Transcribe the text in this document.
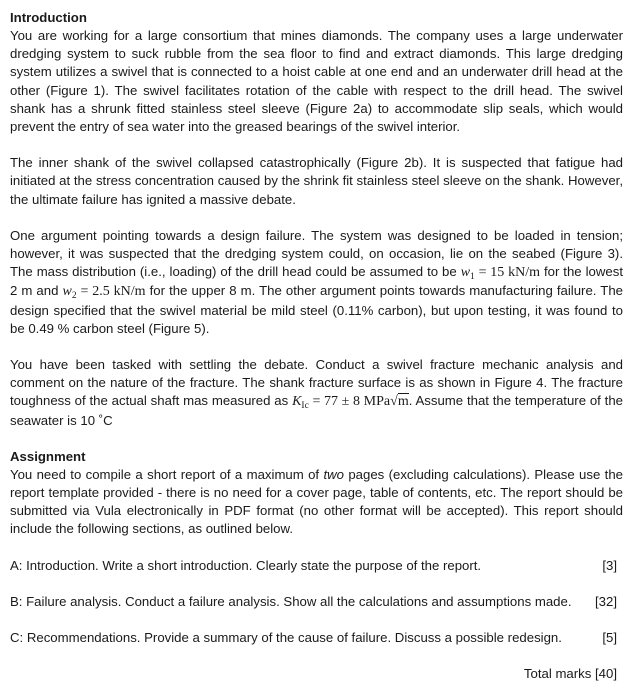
Introduction

You are working for a large consortium that mines diamonds. The company uses a large underwater dredging system to suck rubble from the sea floor to find and extract diamonds. This large dredging system utilizes a swivel that is connected to a hoist cable at one end and an underwater drill head at the other (Figure 1). The swivel facilitates rotation of the cable with respect to the drill head. The swivel shank has a shrunk fitted stainless steel sleeve (Figure 2a) to accommodate slip seals, which would prevent the entry of sea water into the greased bearings of the swivel interior.

The inner shank of the swivel collapsed catastrophically (Figure 2b). It is suspected that fatigue had initiated at the stress concentration caused by the shrink fit stainless steel sleeve on the shank. However, the ultimate failure has ignited a massive debate.

One argument pointing towards a design failure. The system was designed to be loaded in tension; however, it was suspected that the dredging system could, on occasion, lie on the seabed (Figure 3). The mass distribution (i.e., loading) of the drill head could be assumed to be $w_1 = 15$ kN/m for the lowest 2 m and $w_2 = 2.5$ kN/m for the upper 8 m. The other argument points towards manufacturing failure. The design specified that the swivel material be mild steel (0.11% carbon), but upon testing, it was found to be 0.49 % carbon steel (Figure 5).

You have been tasked with settling the debate. Conduct a swivel fracture mechanic analysis and comment on the nature of the fracture. The shank fracture surface is as shown in Figure 4. The fracture toughness of the actual shaft mas measured as $K_{Ic} = 77 \pm 8$ MPa√m. Assume that the temperature of the seawater is 10 ˚C

Assignment

You need to compile a short report of a maximum of two pages (excluding calculations). Please use the report template provided - there is no need for a cover page, table of contents, etc. The report should be submitted via Vula electronically in PDF format (no other format will be accepted). This report should include the following sections, as outlined below.

A: Introduction. Write a short introduction. Clearly state the purpose of the report.	[3]
B: Failure analysis. Conduct a failure analysis. Show all the calculations and assumptions made. [32]
C: Recommendations. Provide a summary of the cause of failure. Discuss a possible redesign.	[5]
Total marks [40]
